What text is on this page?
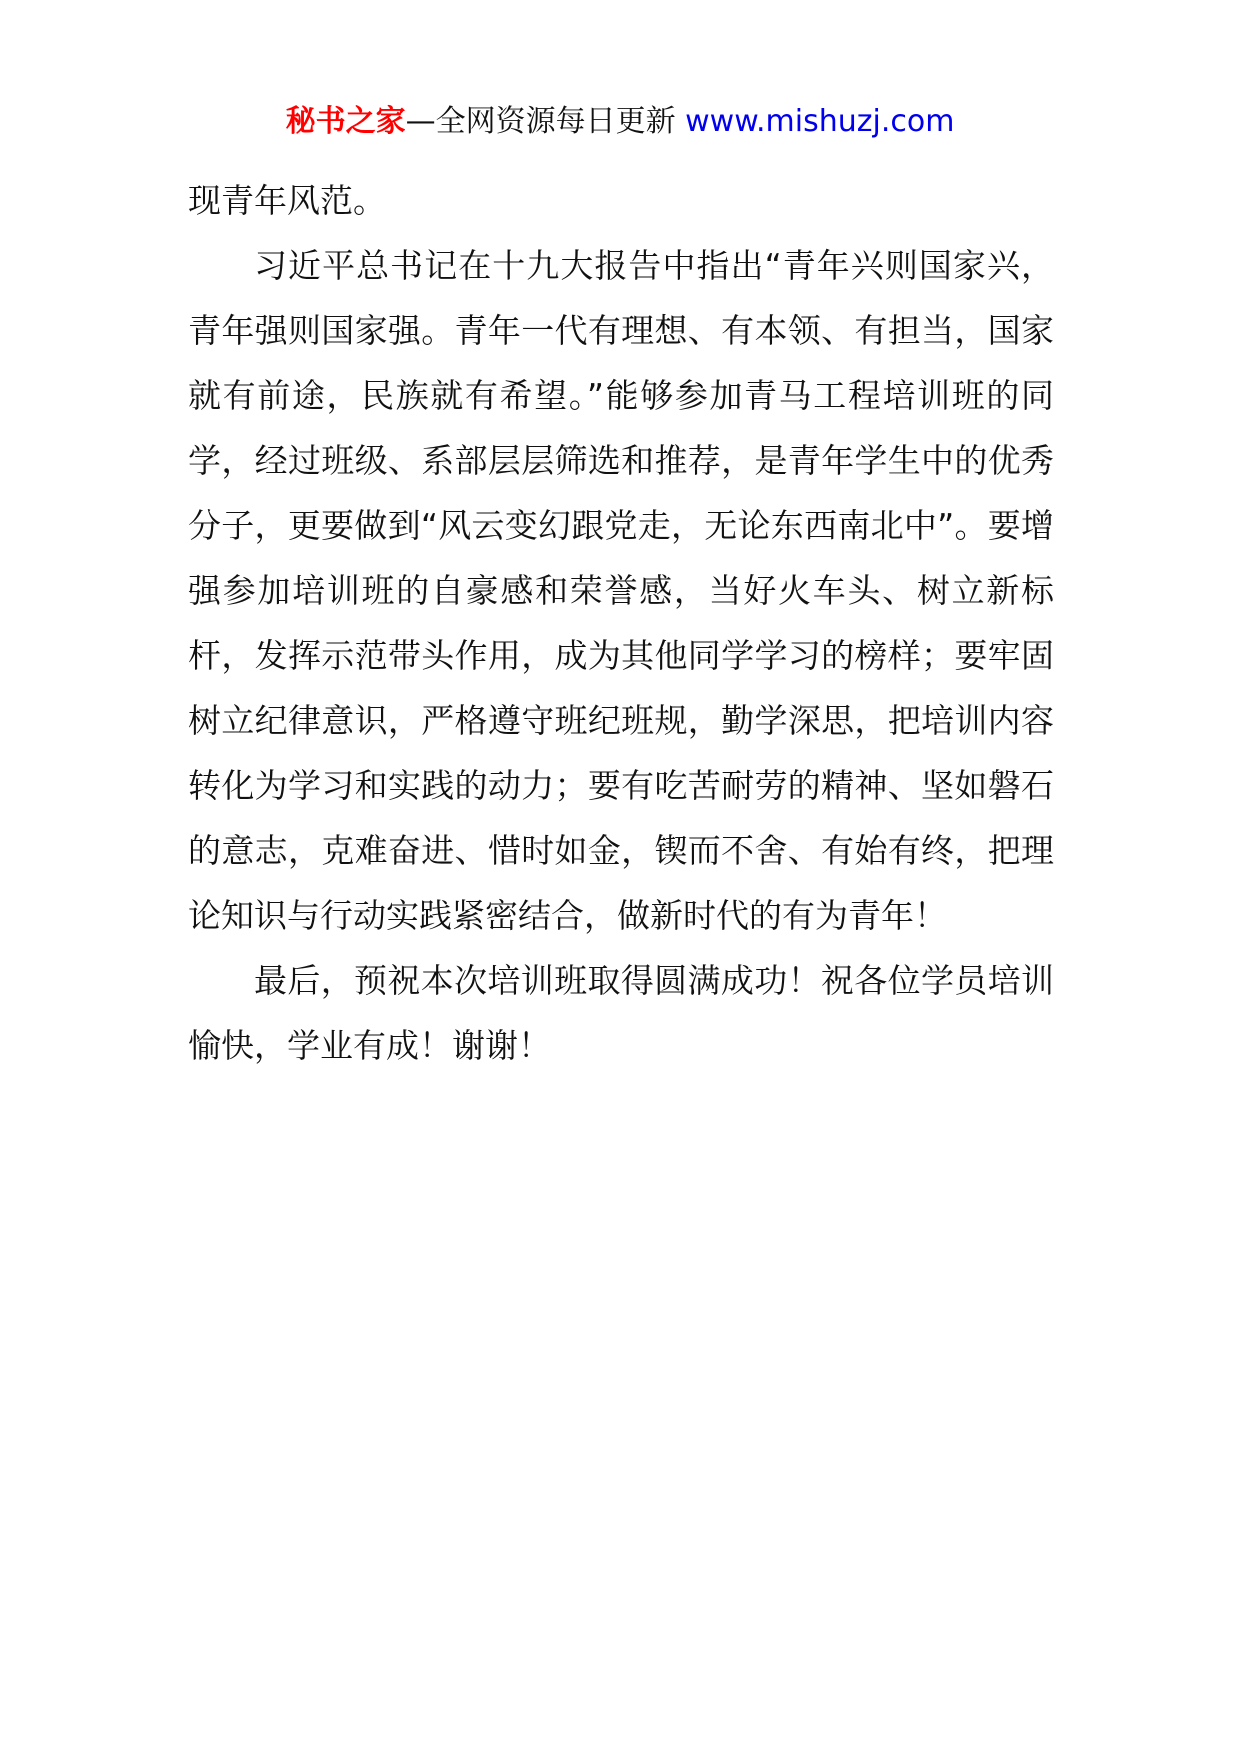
秘书之家—全网资源每日更新 www.mishuzj.com

现青年风范。

习近平总书记在十九大报告中指出“青年兴则国家兴，青年强则国家强。青年一代有理想、有本领、有担当，国家就有前途，民族就有希望。”能够参加青马工程培训班的同学，经过班级、系部层层筛选和推荐，是青年学生中的优秀分子，更要做到“风云变幻跟党走，无论东西南北中”。要增强参加培训班的自豪感和荣誉感，当好火车头、树立新标杆，发挥示范带头作用，成为其他同学学习的榜样；要牢固树立纪律意识，严格遵守班纪班规，勤学深思，把培训内容转化为学习和实践的动力；要有吃苦耐劳的精神、坚如磐石的意志，克难奋进、惜时如金，锲而不舍、有始有终，把理论知识与行动实践紧密结合，做新时代的有为青年！

最后，预祝本次培训班取得圆满成功！祝各位学员培训愉快，学业有成！谢谢！
